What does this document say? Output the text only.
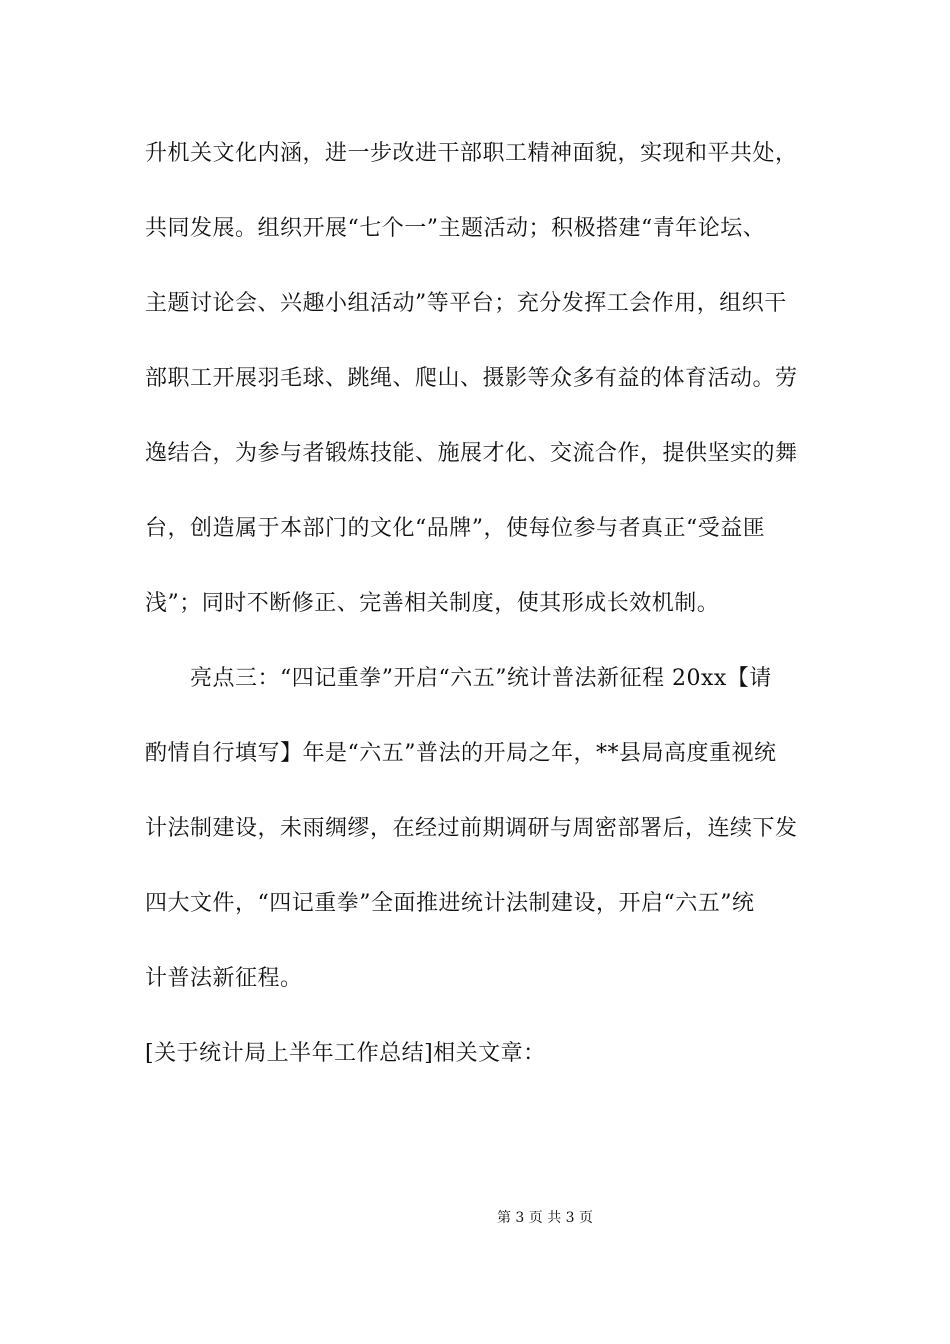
升机关文化内涵，进一步改进干部职工精神面貌，实现和平共处，
共同发展。组织开展“七个一”主题活动；积极搭建“青年论坛、
主题讨论会、兴趣小组活动”等平台；充分发挥工会作用，组织干
部职工开展羽毛球、跳绳、爬山、摄影等众多有益的体育活动。劳
逸结合，为参与者锻炼技能、施展才化、交流合作，提供坚实的舞
台，创造属于本部门的文化“品牌”，使每位参与者真正“受益匪
浅”；同时不断修正、完善相关制度，使其形成长效机制。
亮点三：“四记重拳”开启“六五”统计普法新征程 20xx【请
酌情自行填写】年是“六五”普法的开局之年，**县局高度重视统
计法制建设，未雨绸缪，在经过前期调研与周密部署后，连续下发
四大文件，“四记重拳”全面推进统计法制建设，开启“六五”统
计普法新征程。
[关于统计局上半年工作总结]相关文章：
第 3 页 共 3 页
